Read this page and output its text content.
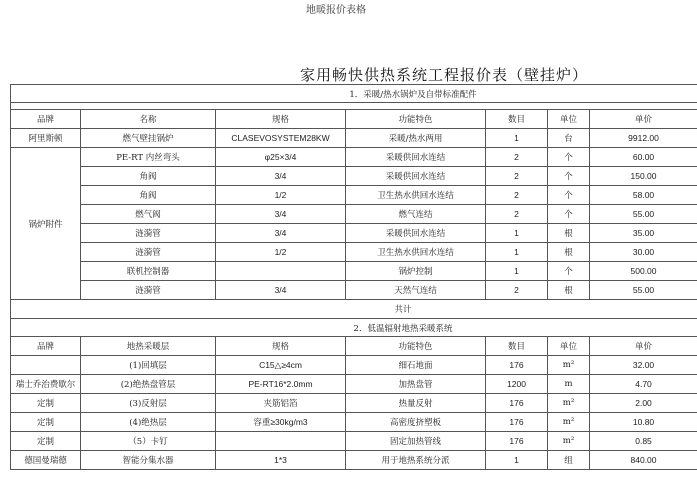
地暖报价表格
家用畅快供热系统工程报价表（壁挂炉）
1．采暖/热水锅炉及自带标准配件						

品牌	名称	规格	功能特色	数目	单位	单价
阿里斯顿	燃气壁挂锅炉	CLASEVOSYSTEM28KW	采暖/热水两用	1	台	9912.00
锅炉附件	PE-RT 内丝弯头	φ25×3/4	采暖供回水连结	2	个	60.00
	角阀	3/4	采暖供回水连结	2	个	150.00
	角阀	1/2	卫生热水供回水连结	2	个	58.00
	燃气阀	3/4	燃气连结	2	个	55.00
	涟漪管	3/4	采暖供回水连结	1	根	35.00
	涟漪管	1/2	卫生热水供回水连结	1	根	30.00
	联机控制器		锅炉控制	1	个	500.00
	涟漪管	3/4	天然气连结	2	根	55.00
共计						
2．低温辐射地热采暖系统						
品牌	地热采暖层	规格	功能特色	数目	单位	单价
	(1)回填层	C15△≥4cm	细石地面	176	m²	32.00
瑞士乔治费歇尔	(2)绝热盘管层	PE-RT16*2.0mm	加热盘管	1200	m	4.70
定制	(3)反射层	夹筋铝箔	热量反射	176	m²	2.00
定制	(4)绝热层	容重≥30kg/m3	高密度挤塑板	176	m²	10.80
定制	（5）卡钉		固定加热管线	176	m²	0.85
德国曼瑞德	智能分集水器	1*3	用于地热系统分派	1	组	840.00
